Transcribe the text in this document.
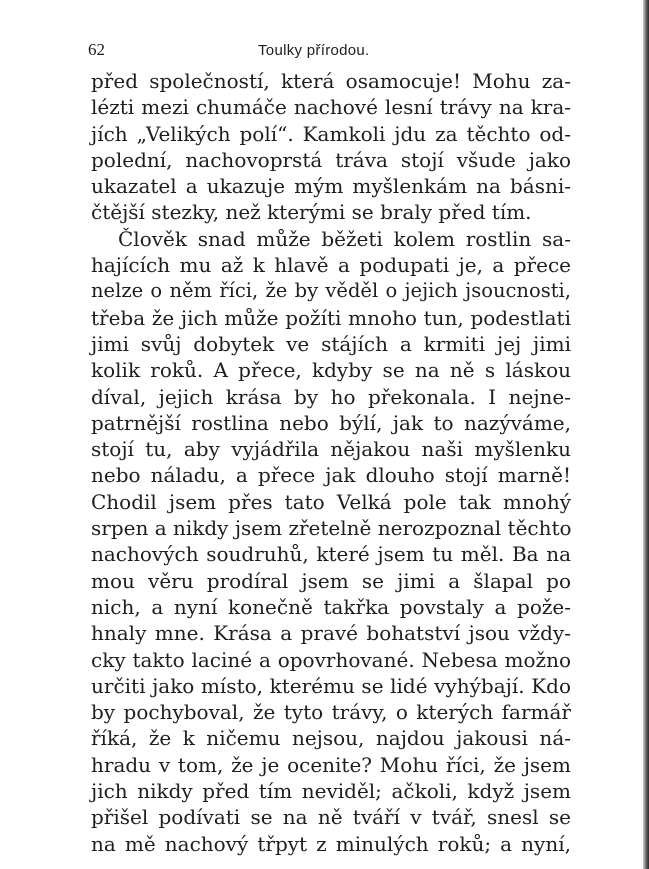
62	Toulky přírodou.
před společností, která osamocuje! Mohu za-
lézti mezi chumáče nachové lesní trávy na kra-
jích „Velikých polí“. Kamkoli jdu za těchto od-
polední, nachovoprstá tráva stojí všude jako
ukazatel a ukazuje mým myšlenkám na básni-
čtější stezky, než kterými se braly před tím.
Člověk snad může běžeti kolem rostlin sa-
hajících mu až k hlavě a podupati je, a přece
nelze o něm říci, že by věděl o jejich jsoucnosti,
třeba že jich může požíti mnoho tun, podestlati
jimi svůj dobytek ve stájích a krmiti jej jimi
kolik roků. A přece, kdyby se na ně s láskou
díval, jejich krása by ho překonala. I nejne-
patrnější rostlina nebo býlí, jak to nazýváme,
stojí tu, aby vyjádřila nějakou naši myšlenku
nebo náladu, a přece jak dlouho stojí marně!
Chodil jsem přes tato Velká pole tak mnohý
srpen a nikdy jsem zřetelně nerozpoznal těchto
nachových soudruhů, které jsem tu měl. Ba na
mou věru prodíral jsem se jimi a šlapal po
nich, a nyní konečně takřka povstaly a pože-
hnaly mne. Krása a pravé bohatství jsou vždy-
cky takto laciné a opovrhované. Nebesa možno
určiti jako místo, kterému se lidé vyhýbají. Kdo
by pochyboval, že tyto trávy, o kterých farmář
říká, že k ničemu nejsou, najdou jakousi ná-
hradu v tom, že je ocenite? Mohu říci, že jsem
jich nikdy před tím neviděl; ačkoli, když jsem
přišel podívati se na ně tváří v tvář, snesl se
na mě nachový třpyt z minulých roků; a nyní,
